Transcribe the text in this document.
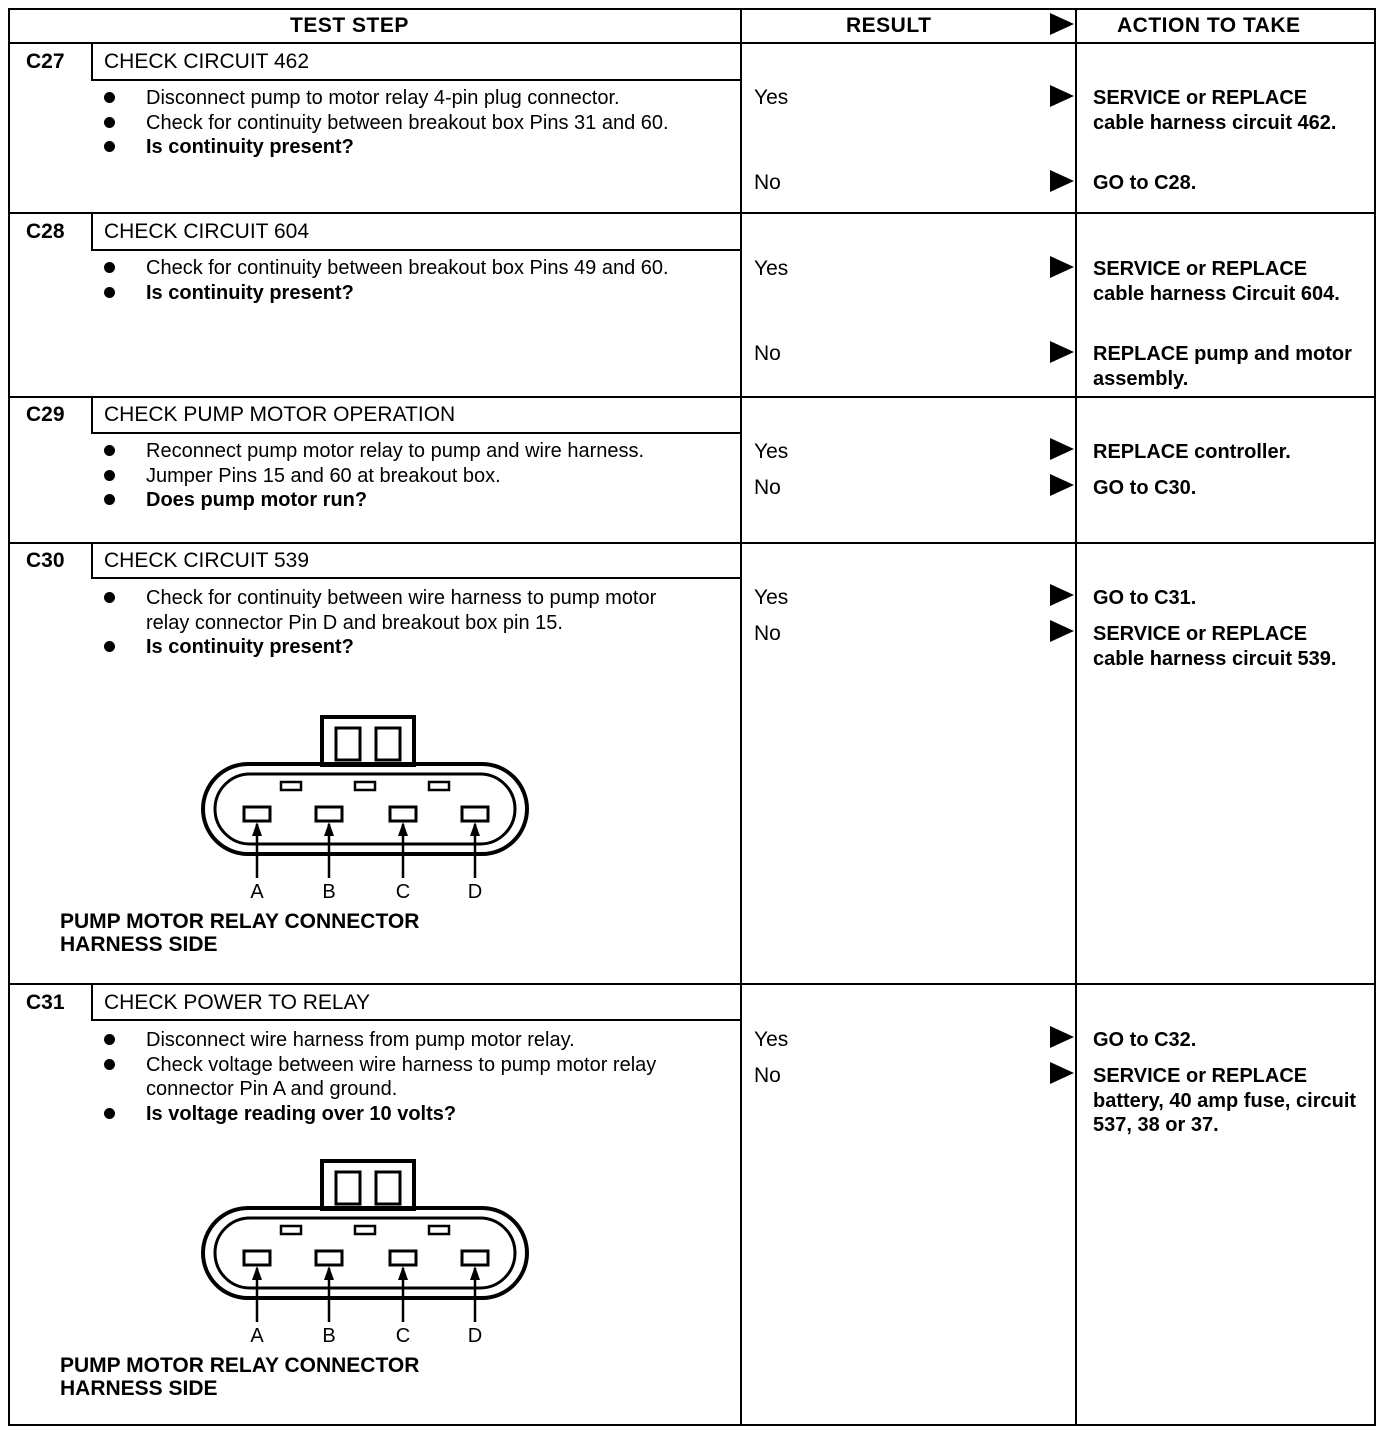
TEST STEP	RESULT	ACTION TO TAKE
C27 CHECK CIRCUIT 462
Disconnect pump to motor relay 4-pin plug connector.
Check for continuity between breakout box Pins 31 and 60.
Is continuity present?
Yes	SERVICE or REPLACE cable harness circuit 462.
No	GO to C28.
C28 CHECK CIRCUIT 604
Check for continuity between breakout box Pins 49 and 60.
Is continuity present?
Yes	SERVICE or REPLACE cable harness Circuit 604.
No	REPLACE pump and motor assembly.
C29 CHECK PUMP MOTOR OPERATION
Reconnect pump motor relay to pump and wire harness.
Jumper Pins 15 and 60 at breakout box.
Does pump motor run?
Yes	REPLACE controller.
No	GO to C30.
C30 CHECK CIRCUIT 539
Check for continuity between wire harness to pump motor relay connector Pin D and breakout box pin 15.
Is continuity present?
A	B	C	D
PUMP MOTOR RELAY CONNECTOR
HARNESS SIDE
Yes	GO to C31.
No	SERVICE or REPLACE cable harness circuit 539.
C31 CHECK POWER TO RELAY
Disconnect wire harness from pump motor relay.
Check voltage between wire harness to pump motor relay connector Pin A and ground.
Is voltage reading over 10 volts?
A	B	C	D
PUMP MOTOR RELAY CONNECTOR
HARNESS SIDE
Yes	GO to C32.
No	SERVICE or REPLACE battery, 40 amp fuse, circuit 537, 38 or 37.
